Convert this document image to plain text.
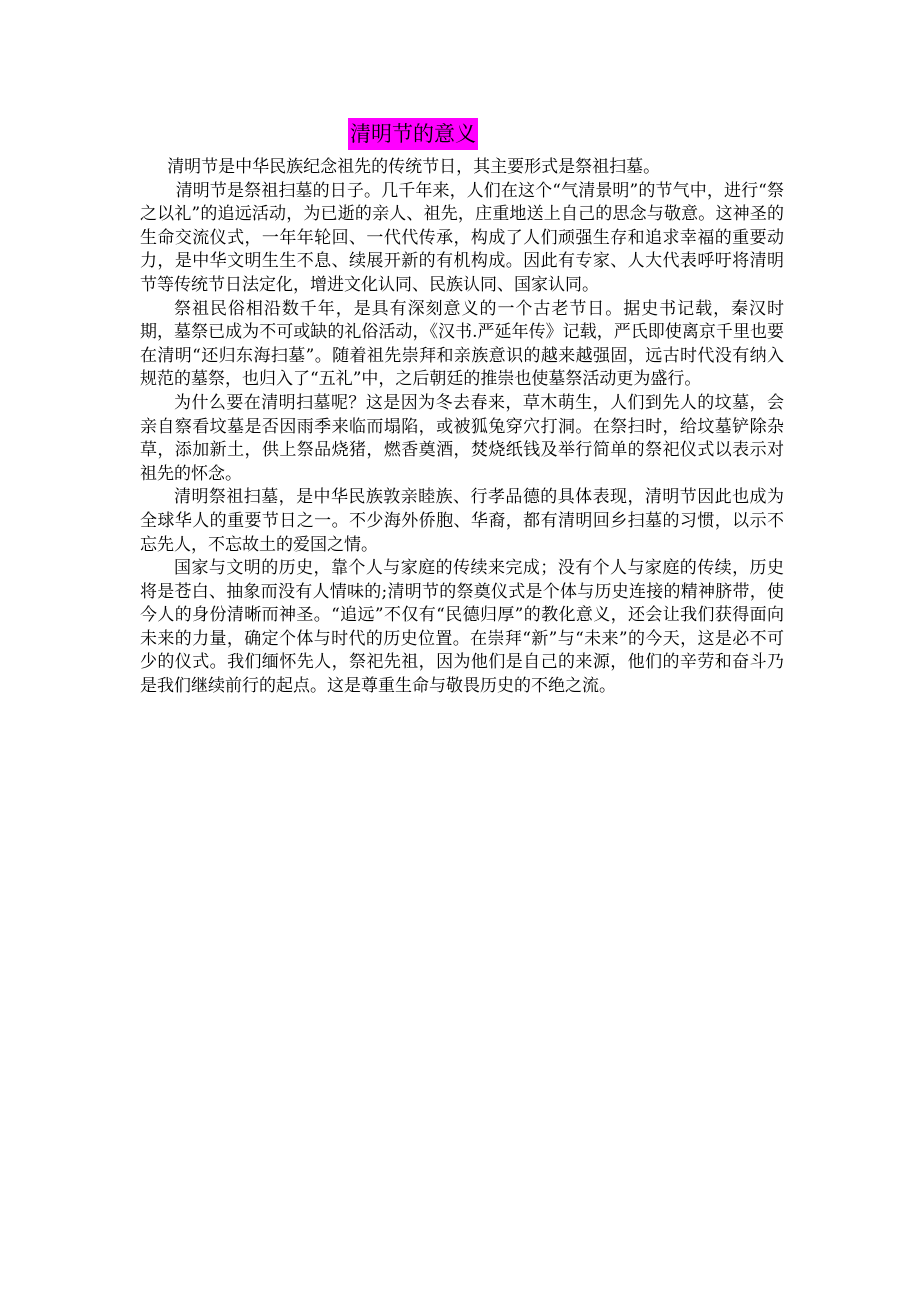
清明节的意义

清明节是中华民族纪念祖先的传统节日，其主要形式是祭祖扫墓。

清明节是祭祖扫墓的日子。几千年来，人们在这个“气清景明”的节气中，进行“祭之以礼”的追远活动，为已逝的亲人、祖先，庄重地送上自己的思念与敬意。这神圣的生命交流仪式，一年年轮回、一代代传承，构成了人们顽强生存和追求幸福的重要动力，是中华文明生生不息、续展开新的有机构成。因此有专家、人大代表呼吁将清明节等传统节日法定化，增进文化认同、民族认同、国家认同。

祭祖民俗相沿数千年，是具有深刻意义的一个古老节日。据史书记载，秦汉时期，墓祭已成为不可或缺的礼俗活动，《汉书.严延年传》记载，严氏即使离京千里也要在清明“还归东海扫墓”。随着祖先崇拜和亲族意识的越来越强固，远古时代没有纳入规范的墓祭，也归入了“五礼”中，之后朝廷的推崇也使墓祭活动更为盛行。

为什么要在清明扫墓呢？这是因为冬去春来，草木萌生，人们到先人的坟墓，会亲自察看坟墓是否因雨季来临而塌陷，或被狐兔穿穴打洞。在祭扫时，给坟墓铲除杂草，添加新土，供上祭品烧猪，燃香奠酒，焚烧纸钱及举行简单的祭祀仪式以表示对祖先的怀念。

清明祭祖扫墓，是中华民族敦亲睦族、行孝品德的具体表现，清明节因此也成为全球华人的重要节日之一。不少海外侨胞、华裔，都有清明回乡扫墓的习惯，以示不忘先人，不忘故土的爱国之情。

国家与文明的历史，靠个人与家庭的传续来完成；没有个人与家庭的传续，历史将是苍白、抽象而没有人情味的;清明节的祭奠仪式是个体与历史连接的精神脐带，使今人的身份清晰而神圣。“追远”不仅有“民德归厚”的教化意义，还会让我们获得面向未来的力量，确定个体与时代的历史位置。在崇拜“新”与“未来”的今天，这是必不可少的仪式。我们缅怀先人，祭祀先祖，因为他们是自己的来源，他们的辛劳和奋斗乃是我们继续前行的起点。这是尊重生命与敬畏历史的不绝之流。
